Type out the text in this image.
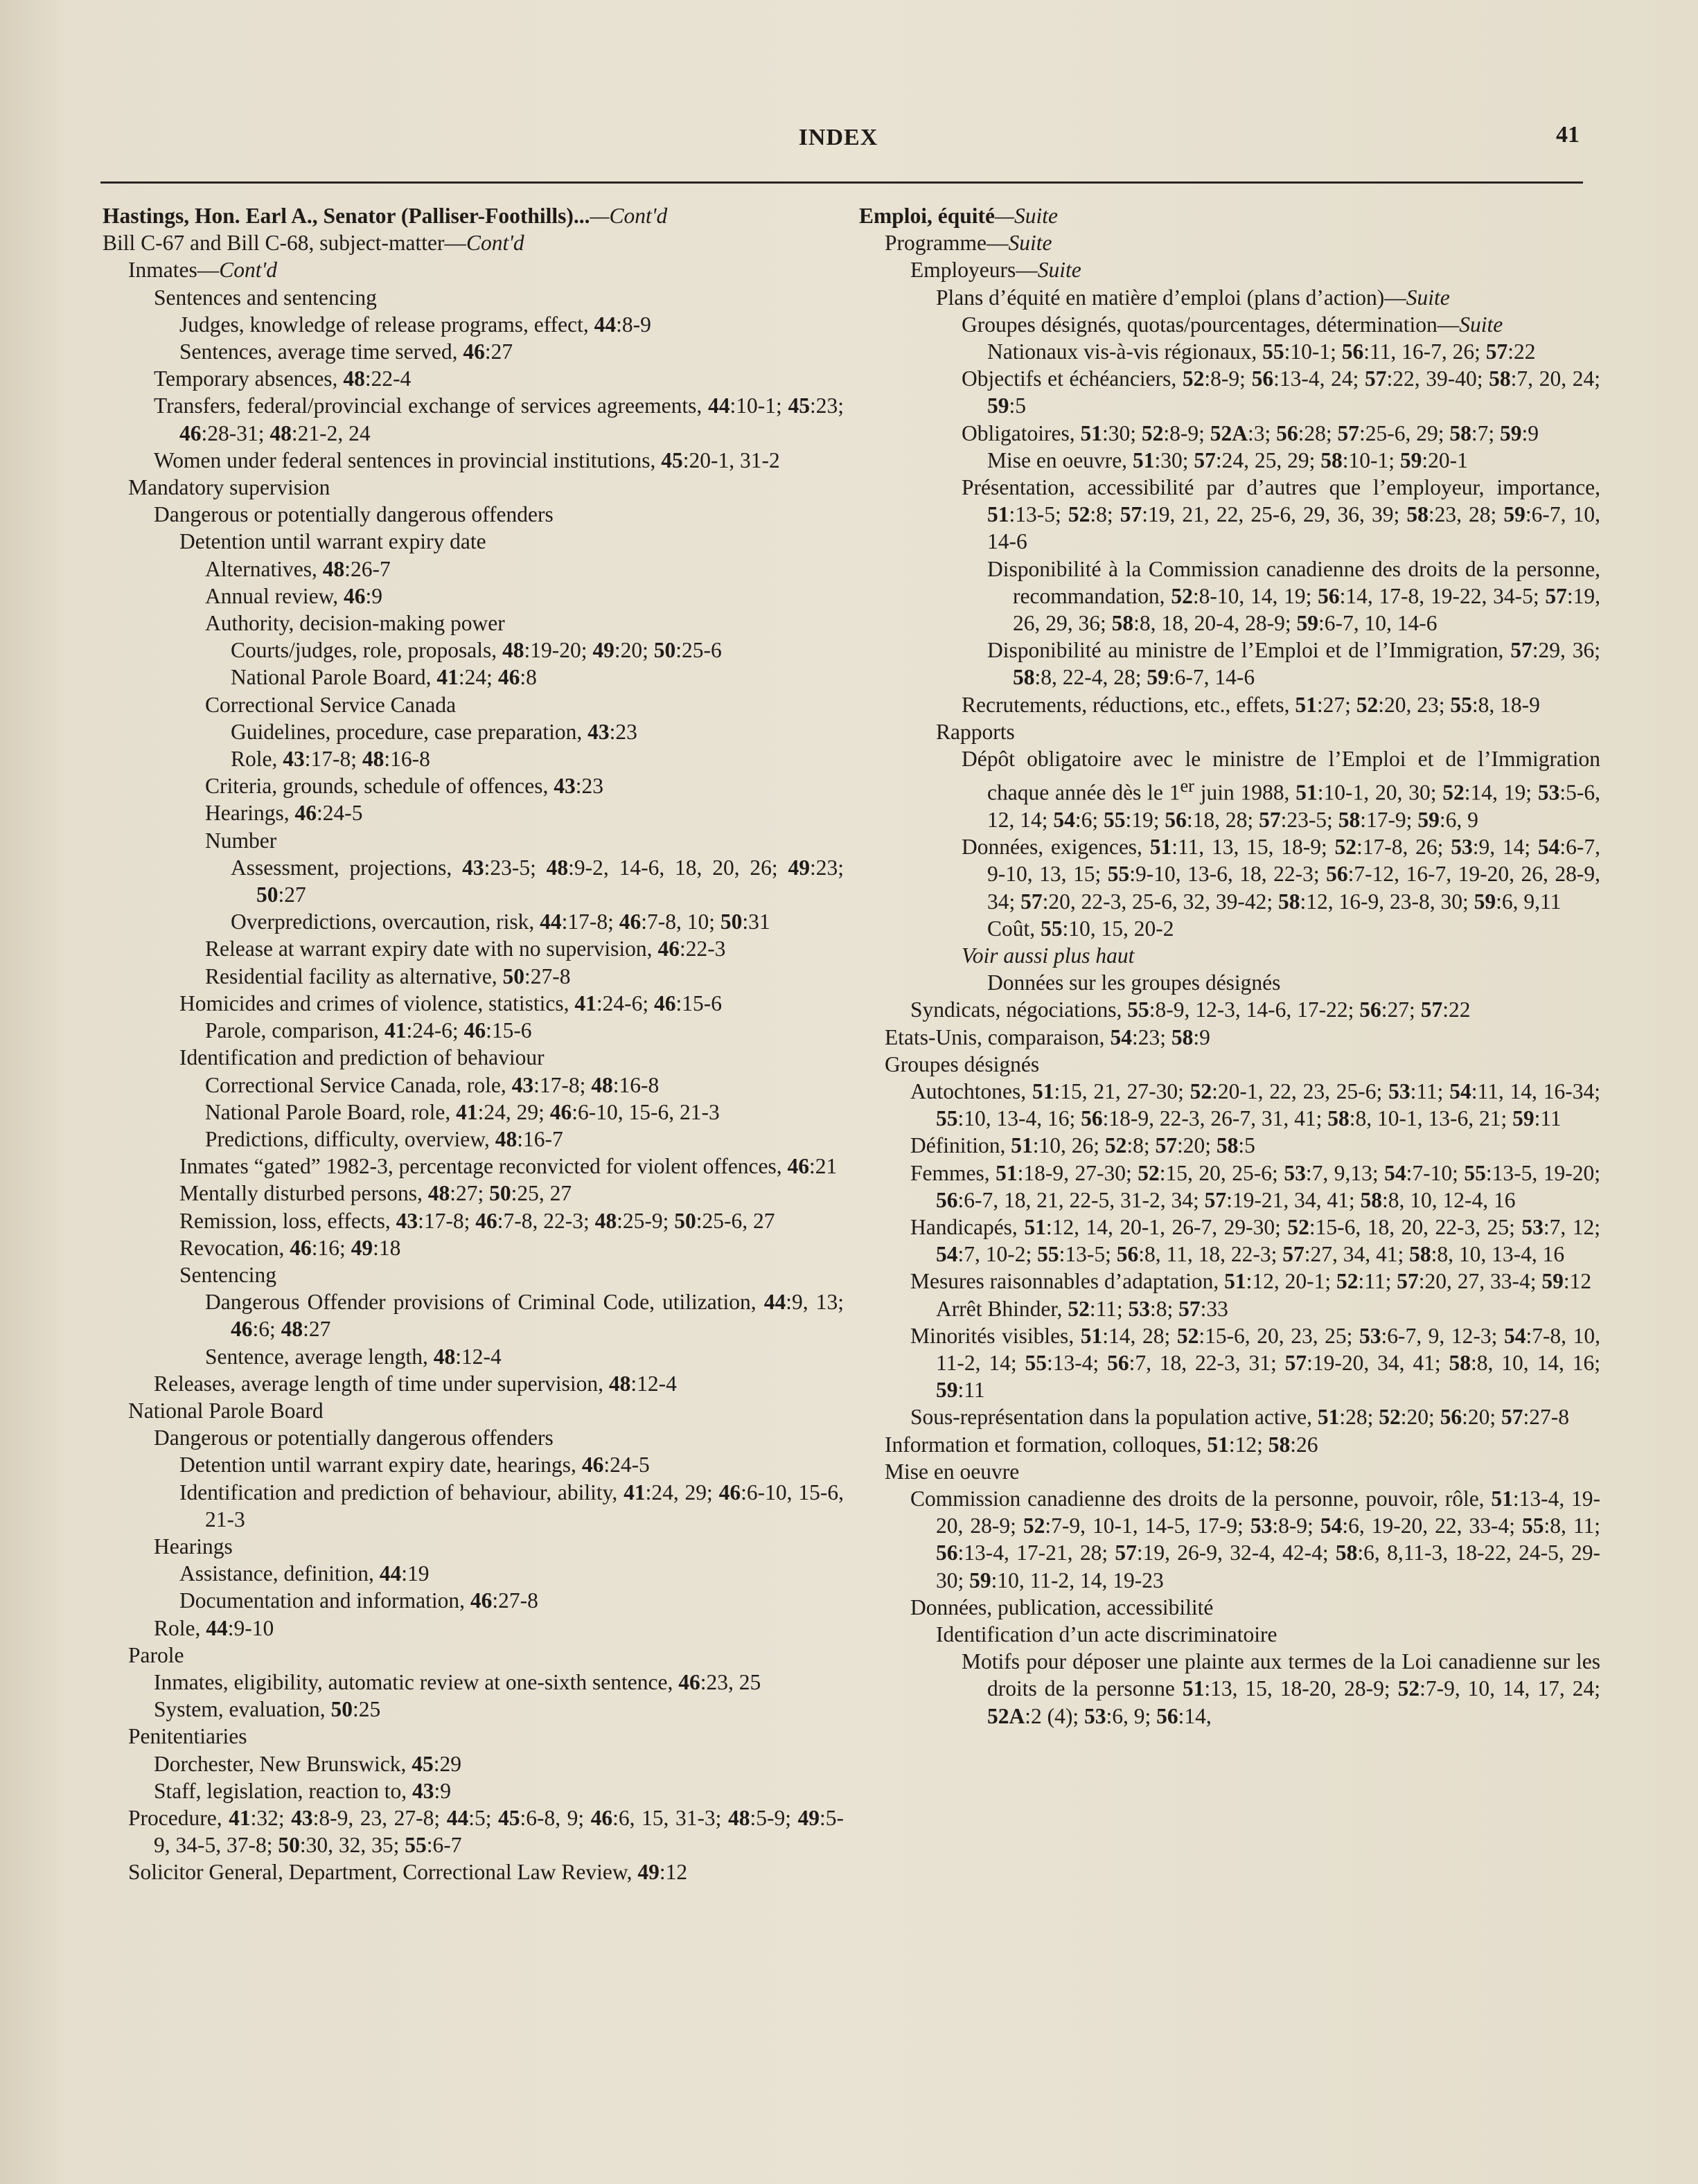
INDEX	41
Hastings, Hon. Earl A., Senator (Palliser-Foothills)...—Cont'd
Bill C-67 and Bill C-68, subject-matter—Cont'd
Inmates—Cont'd
Sentences and sentencing
Judges, knowledge of release programs, effect, 44:8-9
Sentences, average time served, 46:27
Temporary absences, 48:22-4
Transfers, federal/provincial exchange of services agreements, 44:10-1; 45:23; 46:28-31; 48:21-2, 24
Women under federal sentences in provincial institutions, 45:20-1, 31-2
Mandatory supervision
Dangerous or potentially dangerous offenders
Detention until warrant expiry date
Alternatives, 48:26-7
Annual review, 46:9
Authority, decision-making power
Courts/judges, role, proposals, 48:19-20; 49:20; 50:25-6
National Parole Board, 41:24; 46:8
Correctional Service Canada
Guidelines, procedure, case preparation, 43:23
Role, 43:17-8; 48:16-8
Criteria, grounds, schedule of offences, 43:23
Hearings, 46:24-5
Number
Assessment, projections, 43:23-5; 48:9-2, 14-6, 18, 20, 26; 49:23; 50:27
Overpredictions, overcaution, risk, 44:17-8; 46:7-8, 10; 50:31
Release at warrant expiry date with no supervision, 46:22-3
Residential facility as alternative, 50:27-8
Homicides and crimes of violence, statistics, 41:24-6; 46:15-6
Parole, comparison, 41:24-6; 46:15-6
Identification and prediction of behaviour
Correctional Service Canada, role, 43:17-8; 48:16-8
National Parole Board, role, 41:24, 29; 46:6-10, 15-6, 21-3
Predictions, difficulty, overview, 48:16-7
Inmates “gated” 1982-3, percentage reconvicted for violent offences, 46:21
Mentally disturbed persons, 48:27; 50:25, 27
Remission, loss, effects, 43:17-8; 46:7-8, 22-3; 48:25-9; 50:25-6, 27
Revocation, 46:16; 49:18
Sentencing
Dangerous Offender provisions of Criminal Code, utilization, 44:9, 13; 46:6; 48:27
Sentence, average length, 48:12-4
Releases, average length of time under supervision, 48:12-4
National Parole Board
Dangerous or potentially dangerous offenders
Detention until warrant expiry date, hearings, 46:24-5
Identification and prediction of behaviour, ability, 41:24, 29; 46:6-10, 15-6, 21-3
Hearings
Assistance, definition, 44:19
Documentation and information, 46:27-8
Role, 44:9-10
Parole
Inmates, eligibility, automatic review at one-sixth sentence, 46:23, 25
System, evaluation, 50:25
Penitentiaries
Dorchester, New Brunswick, 45:29
Staff, legislation, reaction to, 43:9
Procedure, 41:32; 43:8-9, 23, 27-8; 44:5; 45:6-8, 9; 46:6, 15, 31-3; 48:5-9; 49:5-9, 34-5, 37-8; 50:30, 32, 35; 55:6-7
Solicitor General, Department, Correctional Law Review, 49:12
Emploi, équité—Suite
Programme—Suite
Employeurs—Suite
Plans d’équité en matière d’emploi (plans d’action)—Suite
Groupes désignés, quotas/pourcentages, détermination—Suite
Nationaux vis-à-vis régionaux, 55:10-1; 56:11, 16-7, 26; 57:22
Objectifs et échéanciers, 52:8-9; 56:13-4, 24; 57:22, 39-40; 58:7, 20, 24; 59:5
Obligatoires, 51:30; 52:8-9; 52A:3; 56:28; 57:25-6, 29; 58:7; 59:9
Mise en oeuvre, 51:30; 57:24, 25, 29; 58:10-1; 59:20-1
Présentation, accessibilité par d’autres que l’employeur, importance, 51:13-5; 52:8; 57:19, 21, 22, 25-6, 29, 36, 39; 58:23, 28; 59:6-7, 10, 14-6
Disponibilité à la Commission canadienne des droits de la personne, recommandation, 52:8-10, 14, 19; 56:14, 17-8, 19-22, 34-5; 57:19, 26, 29, 36; 58:8, 18, 20-4, 28-9; 59:6-7, 10, 14-6
Disponibilité au ministre de l’Emploi et de l’Immigration, 57:29, 36; 58:8, 22-4, 28; 59:6-7, 14-6
Recrutements, réductions, etc., effets, 51:27; 52:20, 23; 55:8, 18-9
Rapports
Dépôt obligatoire avec le ministre de l’Emploi et de l’Immigration chaque année dès le 1er juin 1988, 51:10-1, 20, 30; 52:14, 19; 53:5-6, 12, 14; 54:6; 55:19; 56:18, 28; 57:23-5; 58:17-9; 59:6, 9
Données, exigences, 51:11, 13, 15, 18-9; 52:17-8, 26; 53:9, 14; 54:6-7, 9-10, 13, 15; 55:9-10, 13-6, 18, 22-3; 56:7-12, 16-7, 19-20, 26, 28-9, 34; 57:20, 22-3, 25-6, 32, 39-42; 58:12, 16-9, 23-8, 30; 59:6, 9,11
Coût, 55:10, 15, 20-2
Voir aussi plus haut
Données sur les groupes désignés
Syndicats, négociations, 55:8-9, 12-3, 14-6, 17-22; 56:27; 57:22
Etats-Unis, comparaison, 54:23; 58:9
Groupes désignés
Autochtones, 51:15, 21, 27-30; 52:20-1, 22, 23, 25-6; 53:11; 54:11, 14, 16-34; 55:10, 13-4, 16; 56:18-9, 22-3, 26-7, 31, 41; 58:8, 10-1, 13-6, 21; 59:11
Définition, 51:10, 26; 52:8; 57:20; 58:5
Femmes, 51:18-9, 27-30; 52:15, 20, 25-6; 53:7, 9,13; 54:7-10; 55:13-5, 19-20; 56:6-7, 18, 21, 22-5, 31-2, 34; 57:19-21, 34, 41; 58:8, 10, 12-4, 16
Handicapés, 51:12, 14, 20-1, 26-7, 29-30; 52:15-6, 18, 20, 22-3, 25; 53:7, 12; 54:7, 10-2; 55:13-5; 56:8, 11, 18, 22-3; 57:27, 34, 41; 58:8, 10, 13-4, 16
Mesures raisonnables d’adaptation, 51:12, 20-1; 52:11; 57:20, 27, 33-4; 59:12
Arrêt Bhinder, 52:11; 53:8; 57:33
Minorités visibles, 51:14, 28; 52:15-6, 20, 23, 25; 53:6-7, 9, 12-3; 54:7-8, 10, 11-2, 14; 55:13-4; 56:7, 18, 22-3, 31; 57:19-20, 34, 41; 58:8, 10, 14, 16; 59:11
Sous-représentation dans la population active, 51:28; 52:20; 56:20; 57:27-8
Information et formation, colloques, 51:12; 58:26
Mise en oeuvre
Commission canadienne des droits de la personne, pouvoir, rôle, 51:13-4, 19-20, 28-9; 52:7-9, 10-1, 14-5, 17-9; 53:8-9; 54:6, 19-20, 22, 33-4; 55:8, 11; 56:13-4, 17-21, 28; 57:19, 26-9, 32-4, 42-4; 58:6, 8,11-3, 18-22, 24-5, 29-30; 59:10, 11-2, 14, 19-23
Données, publication, accessibilité
Identification d’un acte discriminatoire
Motifs pour déposer une plainte aux termes de la Loi canadienne sur les droits de la personne 51:13, 15, 18-20, 28-9; 52:7-9, 10, 14, 17, 24; 52A:2 (4); 53:6, 9; 56:14,
